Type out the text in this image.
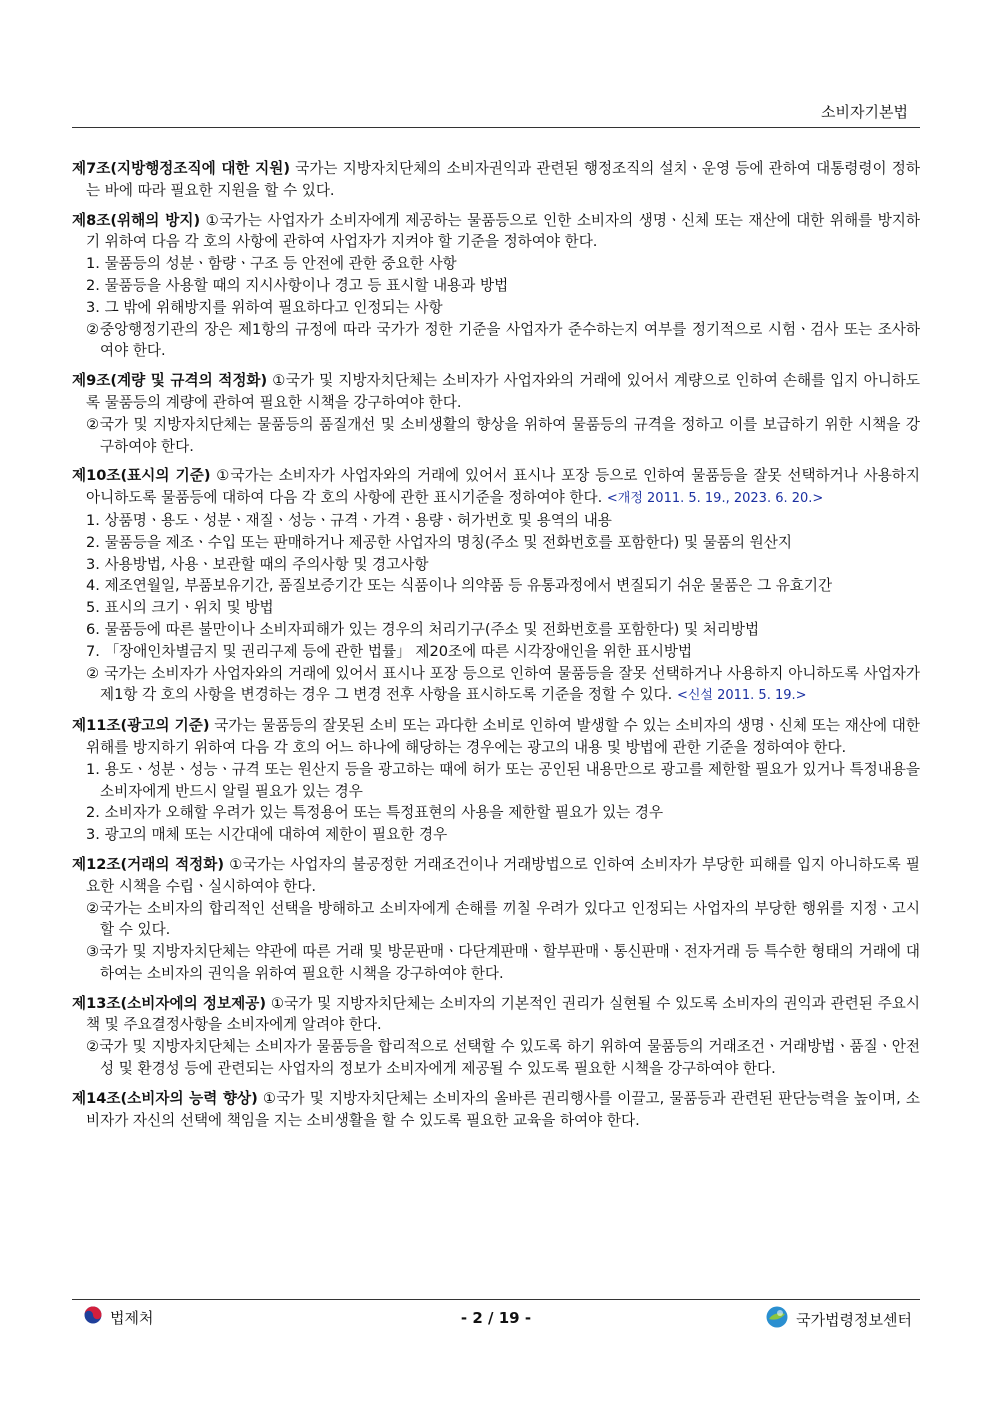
소비자기본법

제7조(지방행정조직에 대한 지원) 국가는 지방자치단체의 소비자권익과 관련된 행정조직의 설치ㆍ운영 등에 관하여 대통령령이 정하는 바에 따라 필요한 지원을 할 수 있다.

제8조(위해의 방지) ①국가는 사업자가 소비자에게 제공하는 물품등으로 인한 소비자의 생명ㆍ신체 또는 재산에 대한 위해를 방지하기 위하여 다음 각 호의 사항에 관하여 사업자가 지켜야 할 기준을 정하여야 한다.

1. 물품등의 성분ㆍ함량ㆍ구조 등 안전에 관한 중요한 사항

2. 물품등을 사용할 때의 지시사항이나 경고 등 표시할 내용과 방법

3. 그 밖에 위해방지를 위하여 필요하다고 인정되는 사항

②중앙행정기관의 장은 제1항의 규정에 따라 국가가 정한 기준을 사업자가 준수하는지 여부를 정기적으로 시험ㆍ검사 또는 조사하여야 한다.

제9조(계량 및 규격의 적정화) ①국가 및 지방자치단체는 소비자가 사업자와의 거래에 있어서 계량으로 인하여 손해를 입지 아니하도록 물품등의 계량에 관하여 필요한 시책을 강구하여야 한다.

②국가 및 지방자치단체는 물품등의 품질개선 및 소비생활의 향상을 위하여 물품등의 규격을 정하고 이를 보급하기 위한 시책을 강구하여야 한다.

제10조(표시의 기준) ①국가는 소비자가 사업자와의 거래에 있어서 표시나 포장 등으로 인하여 물품등을 잘못 선택하거나 사용하지 아니하도록 물품등에 대하여 다음 각 호의 사항에 관한 표시기준을 정하여야 한다. <개정 2011. 5. 19., 2023. 6. 20.>

1. 상품명ㆍ용도ㆍ성분ㆍ재질ㆍ성능ㆍ규격ㆍ가격ㆍ용량ㆍ허가번호 및 용역의 내용

2. 물품등을 제조ㆍ수입 또는 판매하거나 제공한 사업자의 명칭(주소 및 전화번호를 포함한다) 및 물품의 원산지

3. 사용방법, 사용ㆍ보관할 때의 주의사항 및 경고사항

4. 제조연월일, 부품보유기간, 품질보증기간 또는 식품이나 의약품 등 유통과정에서 변질되기 쉬운 물품은 그 유효기간

5. 표시의 크기ㆍ위치 및 방법

6. 물품등에 따른 불만이나 소비자피해가 있는 경우의 처리기구(주소 및 전화번호를 포함한다) 및 처리방법

7. 「장애인차별금지 및 권리구제 등에 관한 법률」 제20조에 따른 시각장애인을 위한 표시방법

② 국가는 소비자가 사업자와의 거래에 있어서 표시나 포장 등으로 인하여 물품등을 잘못 선택하거나 사용하지 아니하도록 사업자가 제1항 각 호의 사항을 변경하는 경우 그 변경 전후 사항을 표시하도록 기준을 정할 수 있다. <신설 2011. 5. 19.>

제11조(광고의 기준) 국가는 물품등의 잘못된 소비 또는 과다한 소비로 인하여 발생할 수 있는 소비자의 생명ㆍ신체 또는 재산에 대한 위해를 방지하기 위하여 다음 각 호의 어느 하나에 해당하는 경우에는 광고의 내용 및 방법에 관한 기준을 정하여야 한다.

1. 용도ㆍ성분ㆍ성능ㆍ규격 또는 원산지 등을 광고하는 때에 허가 또는 공인된 내용만으로 광고를 제한할 필요가 있거나 특정내용을 소비자에게 반드시 알릴 필요가 있는 경우

2. 소비자가 오해할 우려가 있는 특정용어 또는 특정표현의 사용을 제한할 필요가 있는 경우

3. 광고의 매체 또는 시간대에 대하여 제한이 필요한 경우

제12조(거래의 적정화) ①국가는 사업자의 불공정한 거래조건이나 거래방법으로 인하여 소비자가 부당한 피해를 입지 아니하도록 필요한 시책을 수립ㆍ실시하여야 한다.

②국가는 소비자의 합리적인 선택을 방해하고 소비자에게 손해를 끼칠 우려가 있다고 인정되는 사업자의 부당한 행위를 지정ㆍ고시할 수 있다.

③국가 및 지방자치단체는 약관에 따른 거래 및 방문판매ㆍ다단계판매ㆍ할부판매ㆍ통신판매ㆍ전자거래 등 특수한 형태의 거래에 대하여는 소비자의 권익을 위하여 필요한 시책을 강구하여야 한다.

제13조(소비자에의 정보제공) ①국가 및 지방자치단체는 소비자의 기본적인 권리가 실현될 수 있도록 소비자의 권익과 관련된 주요시책 및 주요결정사항을 소비자에게 알려야 한다.

②국가 및 지방자치단체는 소비자가 물품등을 합리적으로 선택할 수 있도록 하기 위하여 물품등의 거래조건ㆍ거래방법ㆍ품질ㆍ안전성 및 환경성 등에 관련되는 사업자의 정보가 소비자에게 제공될 수 있도록 필요한 시책을 강구하여야 한다.

제14조(소비자의 능력 향상) ①국가 및 지방자치단체는 소비자의 올바른 권리행사를 이끌고, 물품등과 관련된 판단능력을 높이며, 소비자가 자신의 선택에 책임을 지는 소비생활을 할 수 있도록 필요한 교육을 하여야 한다.

법제처	- 2 / 19 -	국가법령정보센터
